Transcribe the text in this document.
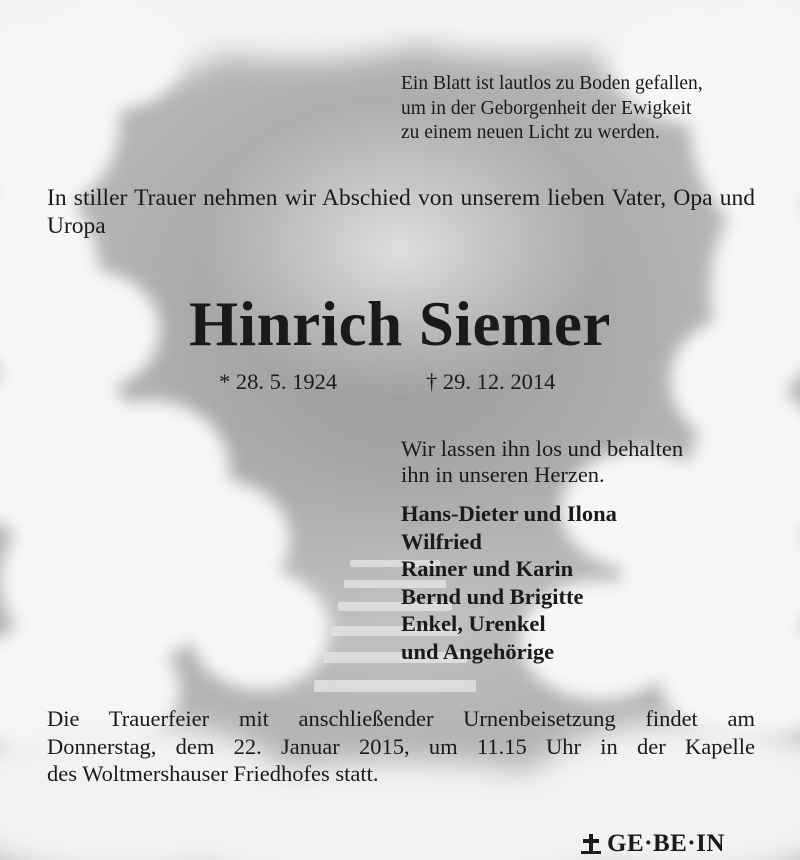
Ein Blatt ist lautlos zu Boden gefallen,
um in der Geborgenheit der Ewigkeit
zu einem neuen Licht zu werden.
In stiller Trauer nehmen wir Abschied von unserem lieben Vater, Opa und Uropa
Hinrich Siemer
* 28. 5. 1924	† 29. 12. 2014
Wir lassen ihn los und behalten
ihn in unseren Herzen.
Hans-Dieter und Ilona
Wilfried
Rainer und Karin
Bernd und Brigitte
Enkel, Urenkel
und Angehörige
Die Trauerfeier mit anschließender Urnenbeisetzung findet am
Donnerstag, dem 22. Januar 2015, um 11.15 Uhr in der Kapelle
des Woltmershauser Friedhofes statt.
GE·BE·IN
